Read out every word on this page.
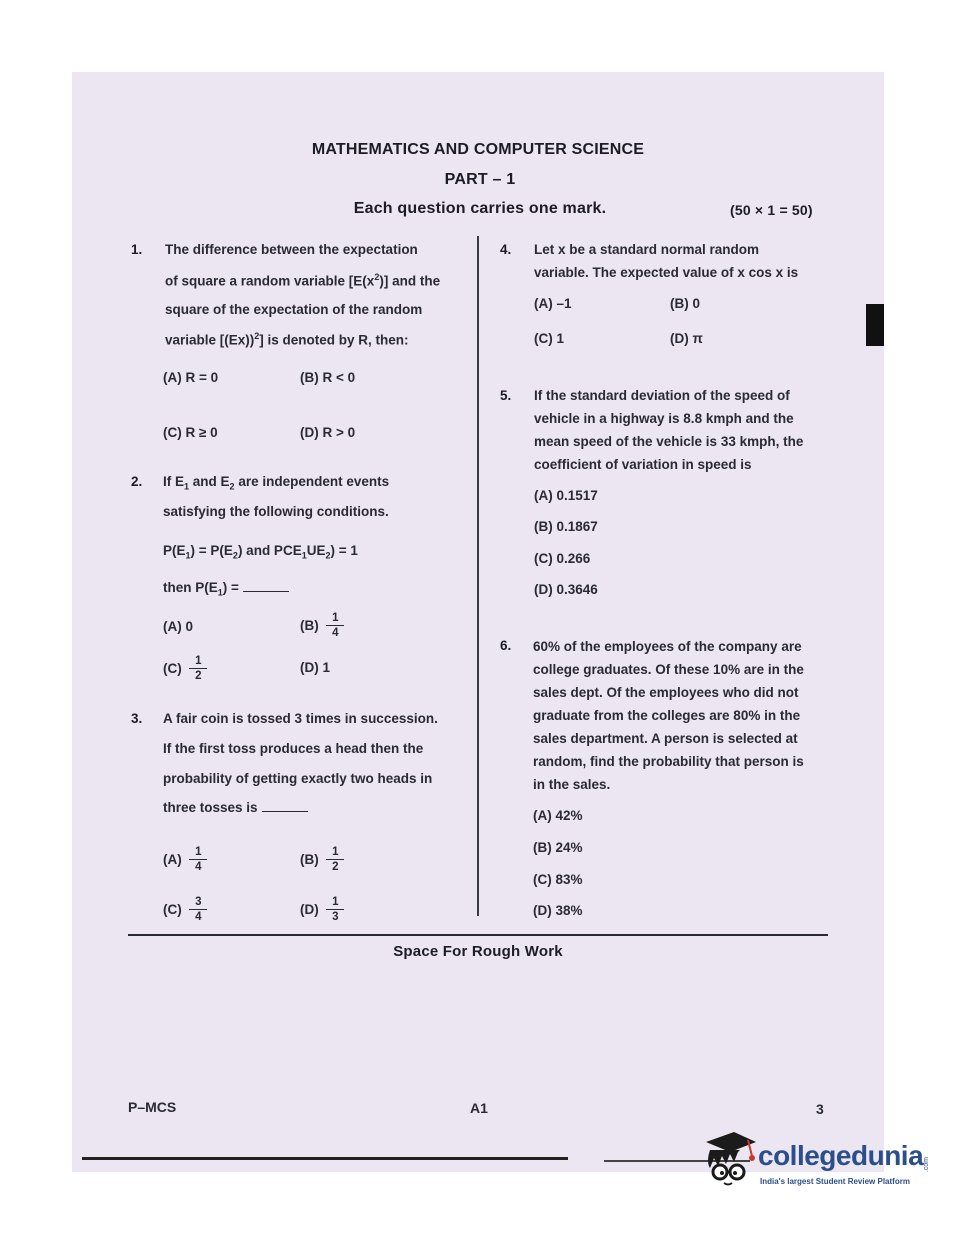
MATHEMATICS AND COMPUTER SCIENCE
PART – 1
Each question carries one mark.	(50 × 1 = 50)
1. The difference between the expectation
of square a random variable $[E(x^2)]$ and the
square of the expectation of the random
variable [(Ex))$^2$] is denoted by R, then:
(A) R = 0	(B) R < 0
(C) R ≥ 0	(D) R > 0
2. If $E_1$ and $E_2$ are independent events
satisfying the following conditions.
$P(E_1) = P(E_2)$ and $PCE_1UE_2) = 1$
then $P(E_1)$ =
(A) 0	$(B) \frac{1}{4}$
$(C) \frac{1}{2}$	(D) 1
3. A fair coin is tossed 3 times in succession.
If the first toss produces a head then the
probability of getting exactly two heads in
three tosses is
$(A) \frac{1}{4}$	$(B) \frac{1}{2}$
$(C) \frac{3}{4}$	$(D) \frac{1}{3}$
4. Let x be a standard normal random
variable. The expected value of x cos x is
(A) –1	(B) 0
(C) 1	(D) π
5. If the standard deviation of the speed of
vehicle in a highway is 8.8 kmph and the
mean speed of the vehicle is 33 kmph, the
coefficient of variation in speed is
(A) 0.1517
(B) 0.1867
(C) 0.266
(D) 0.3646
6. 60% of the employees of the company are
college graduates. Of these 10% are in the
sales dept. Of the employees who did not
graduate from the colleges are 80% in the
sales department. A person is selected at
random, find the probability that person is
in the sales.
(A) 42%
(B) 24%
(C) 83%
(D) 38%
Space For Rough Work
P–MCS	A1	3
collegedunia.com
India's largest Student Review Platform
